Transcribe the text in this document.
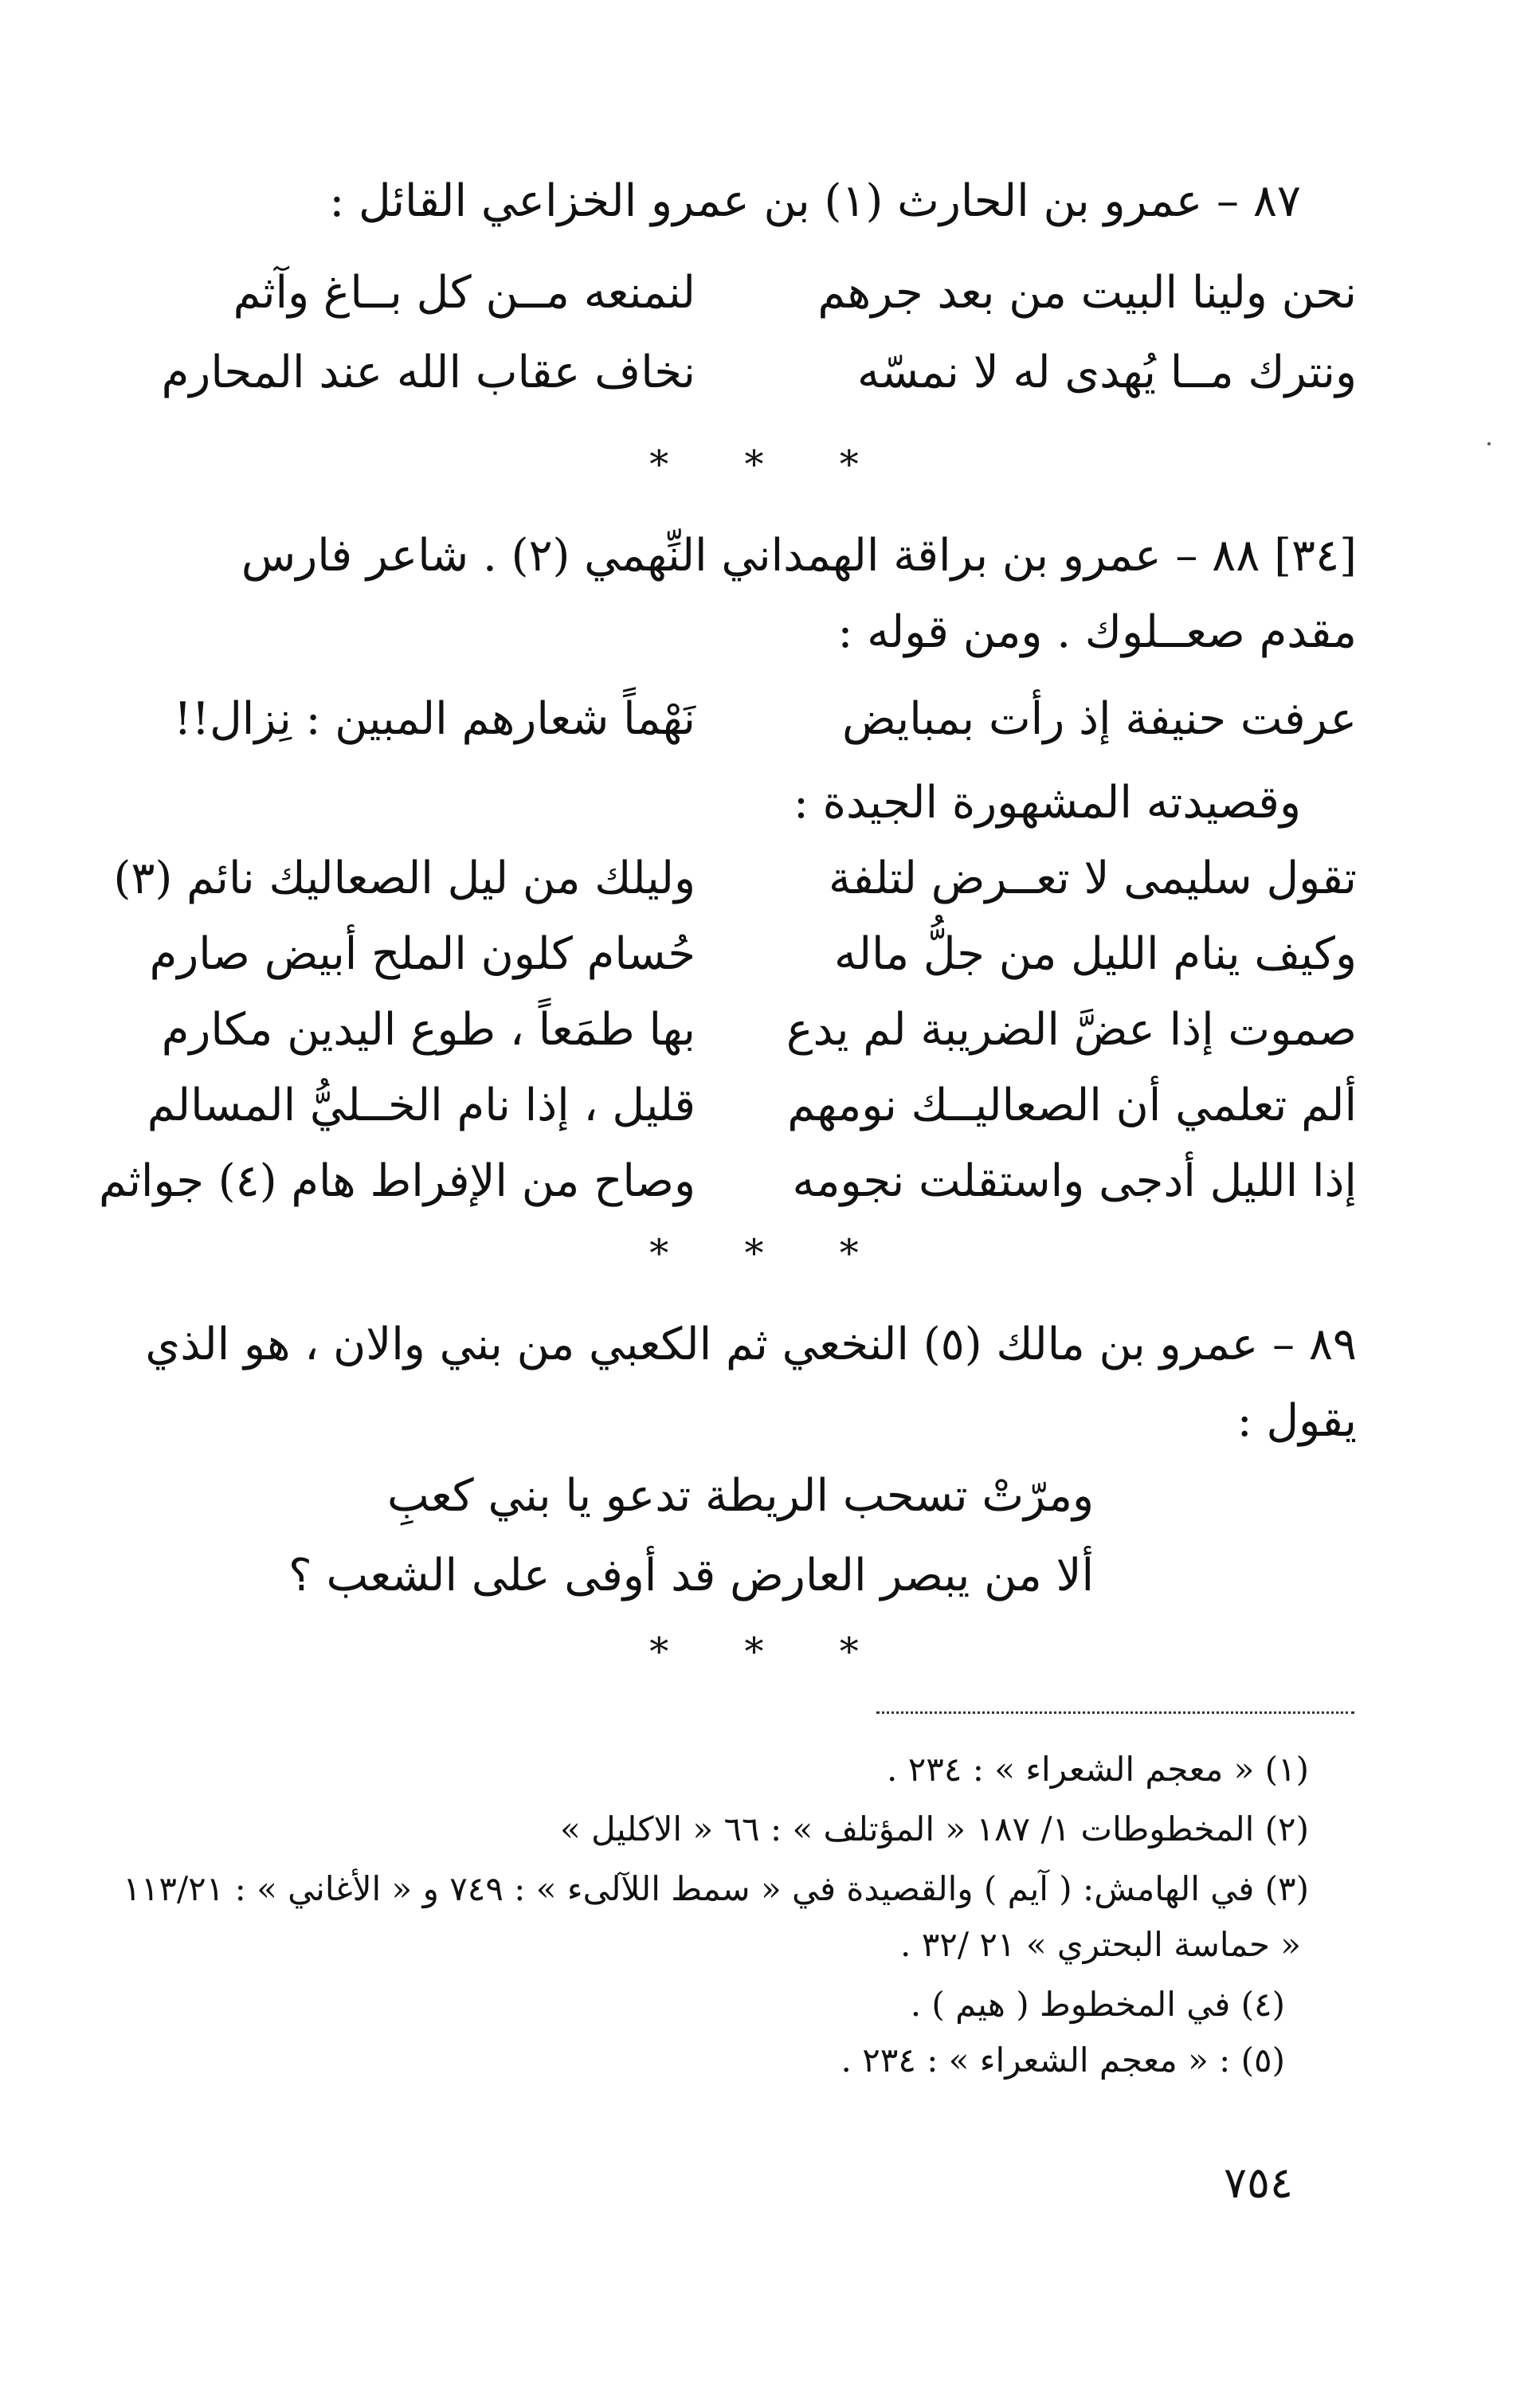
٨٧ – عمرو بن الحارث (١) بن عمرو الخزاعي القائل :
نحن ولينا البيت من بعد جرهم
لنمنعه مــن كل بــاغ وآثم
ونترك مــا يُهدى له لا نمسّه
نخاف عقاب الله عند المحارم
* * *
[٣٤] ٨٨ – عمرو بن براقة الهمداني النِّهمي (٢) . شاعر فارس مقدم صعــلوك . ومن قوله :
عرفت حنيفة إذ رأت بمبايض
نَهْماً شعارهم المبين : نِزال!!
وقصيدته المشهورة الجيدة :
تقول سليمى لا تعــرض لتلفة
وليلك من ليل الصعاليك نائم (٣)
وكيف ينام الليل من جلُّ ماله
حُسام كلون الملح أبيض صارم
صموت إذا عضَّ الضريبة لم يدع
بها طمَعاً ، طوع اليدين مكارم
ألم تعلمي أن الصعاليــك نومهم
قليل ، إذا نام الخــليُّ المسالم
إذا الليل أدجى واستقلت نجومه
وصاح من الإفراط هام (٤) جواثم
* * *
٨٩ – عمرو بن مالك (٥) النخعي ثم الكعبي من بني والان ، هو الذي يقول :
ومرّتْ تسحب الريطة تدعو يا بني كعبِ
ألا من يبصر العارض قد أوفى على الشعب ؟
* * *
(١) « معجم الشعراء » : ٢٣٤ .
(٢) المخطوطات ١/ ١٨٧ « المؤتلف » : ٦٦ « الاكليل »
(٣) في الهامش: ( آيم ) والقصيدة في « سمط اللآلىء » : ٧٤٩ و « الأغاني » : ١١٣/٢١
« حماسة البحتري » ٢١ /٣٢ .
(٤) في المخطوط ( هيم ) .
(٥) : « معجم الشعراء » : ٢٣٤ .
٧٥٤
